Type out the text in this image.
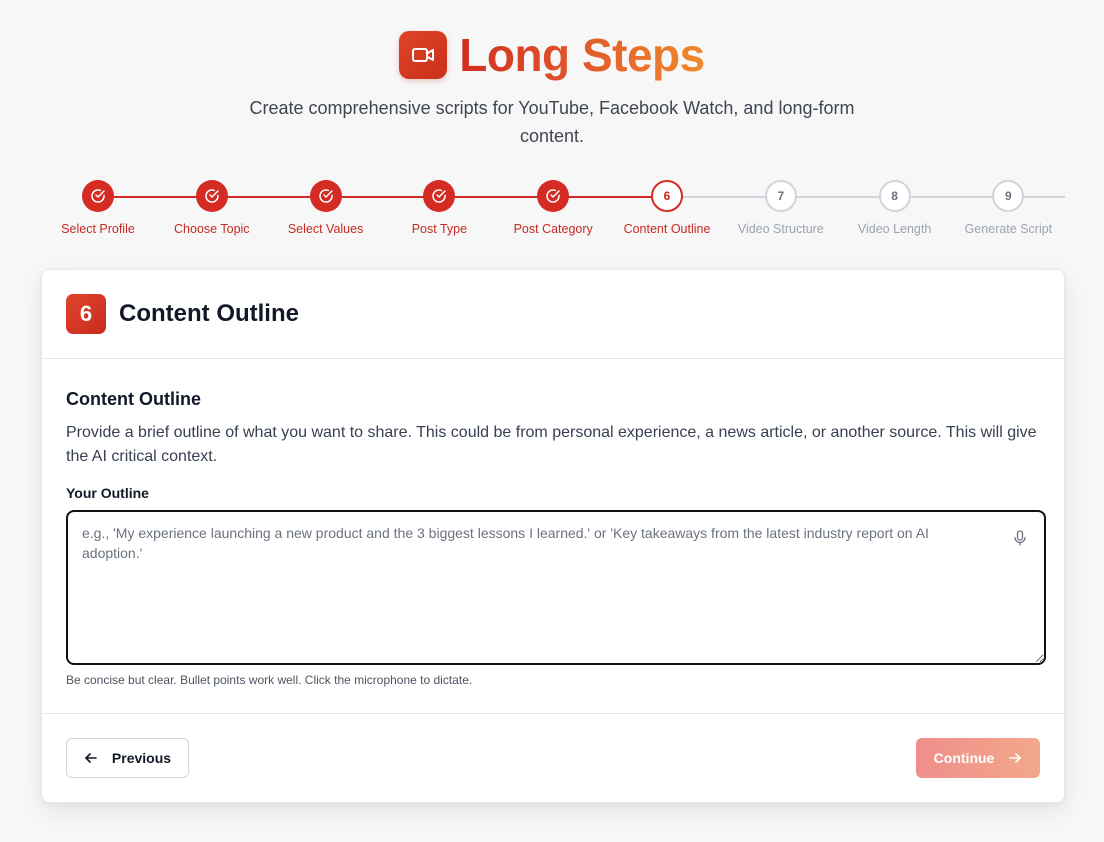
Long Steps
Create comprehensive scripts for YouTube, Facebook Watch, and long-form content.
Select Profile	Choose Topic	Select Values	Post Type	Post Category
6
Content Outline
7
Video Structure
8
Video Length
9
Generate Script
6	Content Outline
Content Outline
Provide a brief outline of what you want to share. This could be from personal experience, a news article, or another source. This will give the AI critical context.
Your Outline
e.g., 'My experience launching a new product and the 3 biggest lessons I learned.' or 'Key takeaways from the latest industry report on AI adoption.'
Be concise but clear. Bullet points work well. Click the microphone to dictate.
Previous	Continue
